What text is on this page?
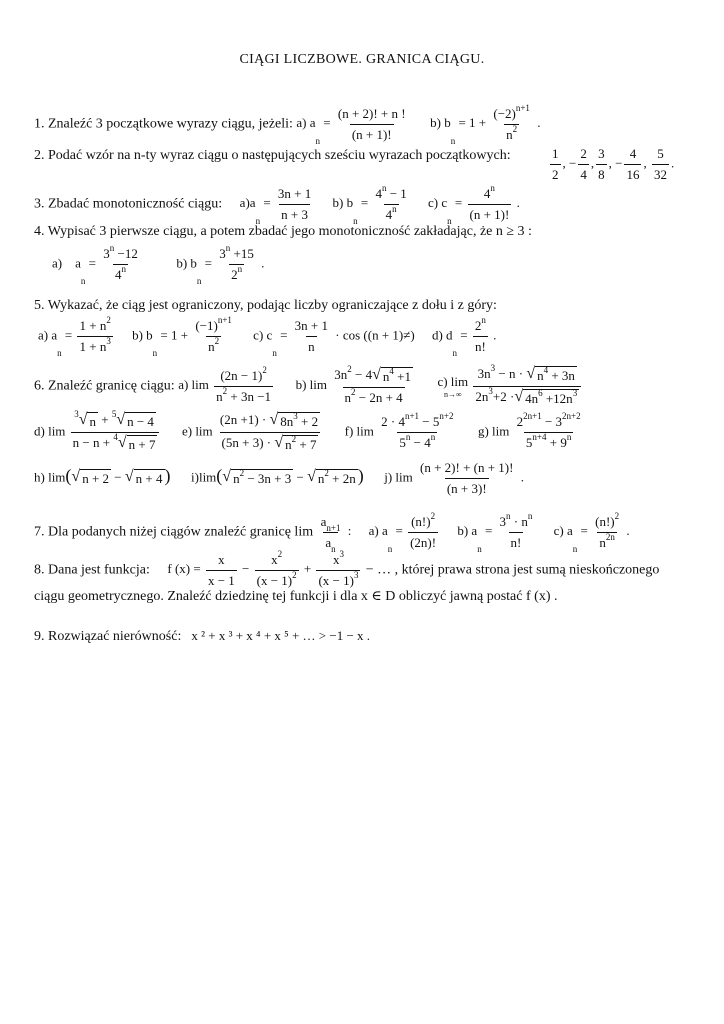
CIĄGI LICZBOWE. GRANICA CIĄGU.
1. Znaleźć 3 początkowe wyrazy ciągu, jeżeli: a) $a_n = \frac{(n + 2)! + n !}{(n + 1)!} b$) $b_n = 1 + \frac{(-2)^{n+1}}{n^2}$ .
2. Podać wzór na n-ty wyraz ciągu o następujących sześciu wyrazach początkowych:	$\frac{1}{2}$ , − $\frac{2}{4}$ , $\frac{3}{8}$ , − $\frac{4}{16}$ , $\frac{5}{32}$ .
3. Zbadać monotoniczność ciągu: $a)a_n = \frac{3n + 1}{n + 3} b$) $b_n = \frac{4^n - 1}{4^n} c$) $c_n = \frac{4^n}{(n + 1)!}$ .
4. Wypisać 3 pierwsze ciągu, a potem zbadać jego monotoniczność zakładając, że n ≥ 3 :
a)    $a_n = \frac{3^n -12}{4^n}$	b) $b_n = \frac{3^n +15}{2^n}$ .
5. Wykazać, że ciąg jest ograniczony, podając liczby ograniczające z dołu i z góry:
a) $a_n = \frac{1 + n^2}{1 + n^3} b$) $b_n = 1 + \frac{(-1)^{n+1}}{n^2} c$) $c_n = \frac{3n + 1}{n} \cdot \cos ((n + 1)\ne)$ d) $d_n = \frac{2^n}{n!}$ .
6. Znaleźć granicę ciągu: a) $\lim \frac{(2n - 1)^2}{n^2 + 3n -1} b$) $\lim \frac{3n^2 - 4 √ n^4 +1}{n^2 - 2n + 4}$
c) lim
n→∞
$\frac{3n^3 - n \cdot √ n^4 + 3n}{2n^3+2 \cdot √ 4n^6 +12n^3}$
d) $\lim \frac{^3 √ n + ^5 √ n - 4}{n - n + ^4 √ n + 7} e$) $\lim \frac{(2n +1) \cdot √ 8n^3 + 2}{(5n + 3) \cdot √ n^2 + 7} f$) $\lim \frac{2 \cdot 4^{n+1} - 5^{n+2}}{5^n - 4^n} g$) $\lim \frac{2^{2n+1} - 3^{2n+2}}{5^{n+4} + 9^n}$
h) lim( √ n + 2 − √ n + 4 ) i)lim( √ $n^2 - 3n + 3$ − √ $n^2 + 2n$ ) j) $\lim \frac{(n + 2)! + (n + 1)!}{(n + 3)!}$ .
7. Dla podanych niżej ciągów znaleźć granicę $\lim \frac{a_{n+1}}{a_n}$ : a) $a_n = \frac{(n!)^2}{(2n)!} b$) $a_n = \frac{3^n \cdot n^n}{n!} c$) $a_n = \frac{(n!)^2}{n^{2n}}$ .
8. Dana jest funkcja: f $(x) = \frac{x}{x - 1} - \frac{x^2}{(x - 1)^2} + \frac{x^3}{(x - 1)^3}$ − … , której prawa strona jest sumą nieskończonego
ciągu geometrycznego. Znaleźć dziedzinę tej funkcji i dla x ∈ D obliczyć jawną postać f (x) .
9. Rozwiązać nierówność: x ² + x ³ + x ⁴ + x ⁵ + … > −1 − x .
